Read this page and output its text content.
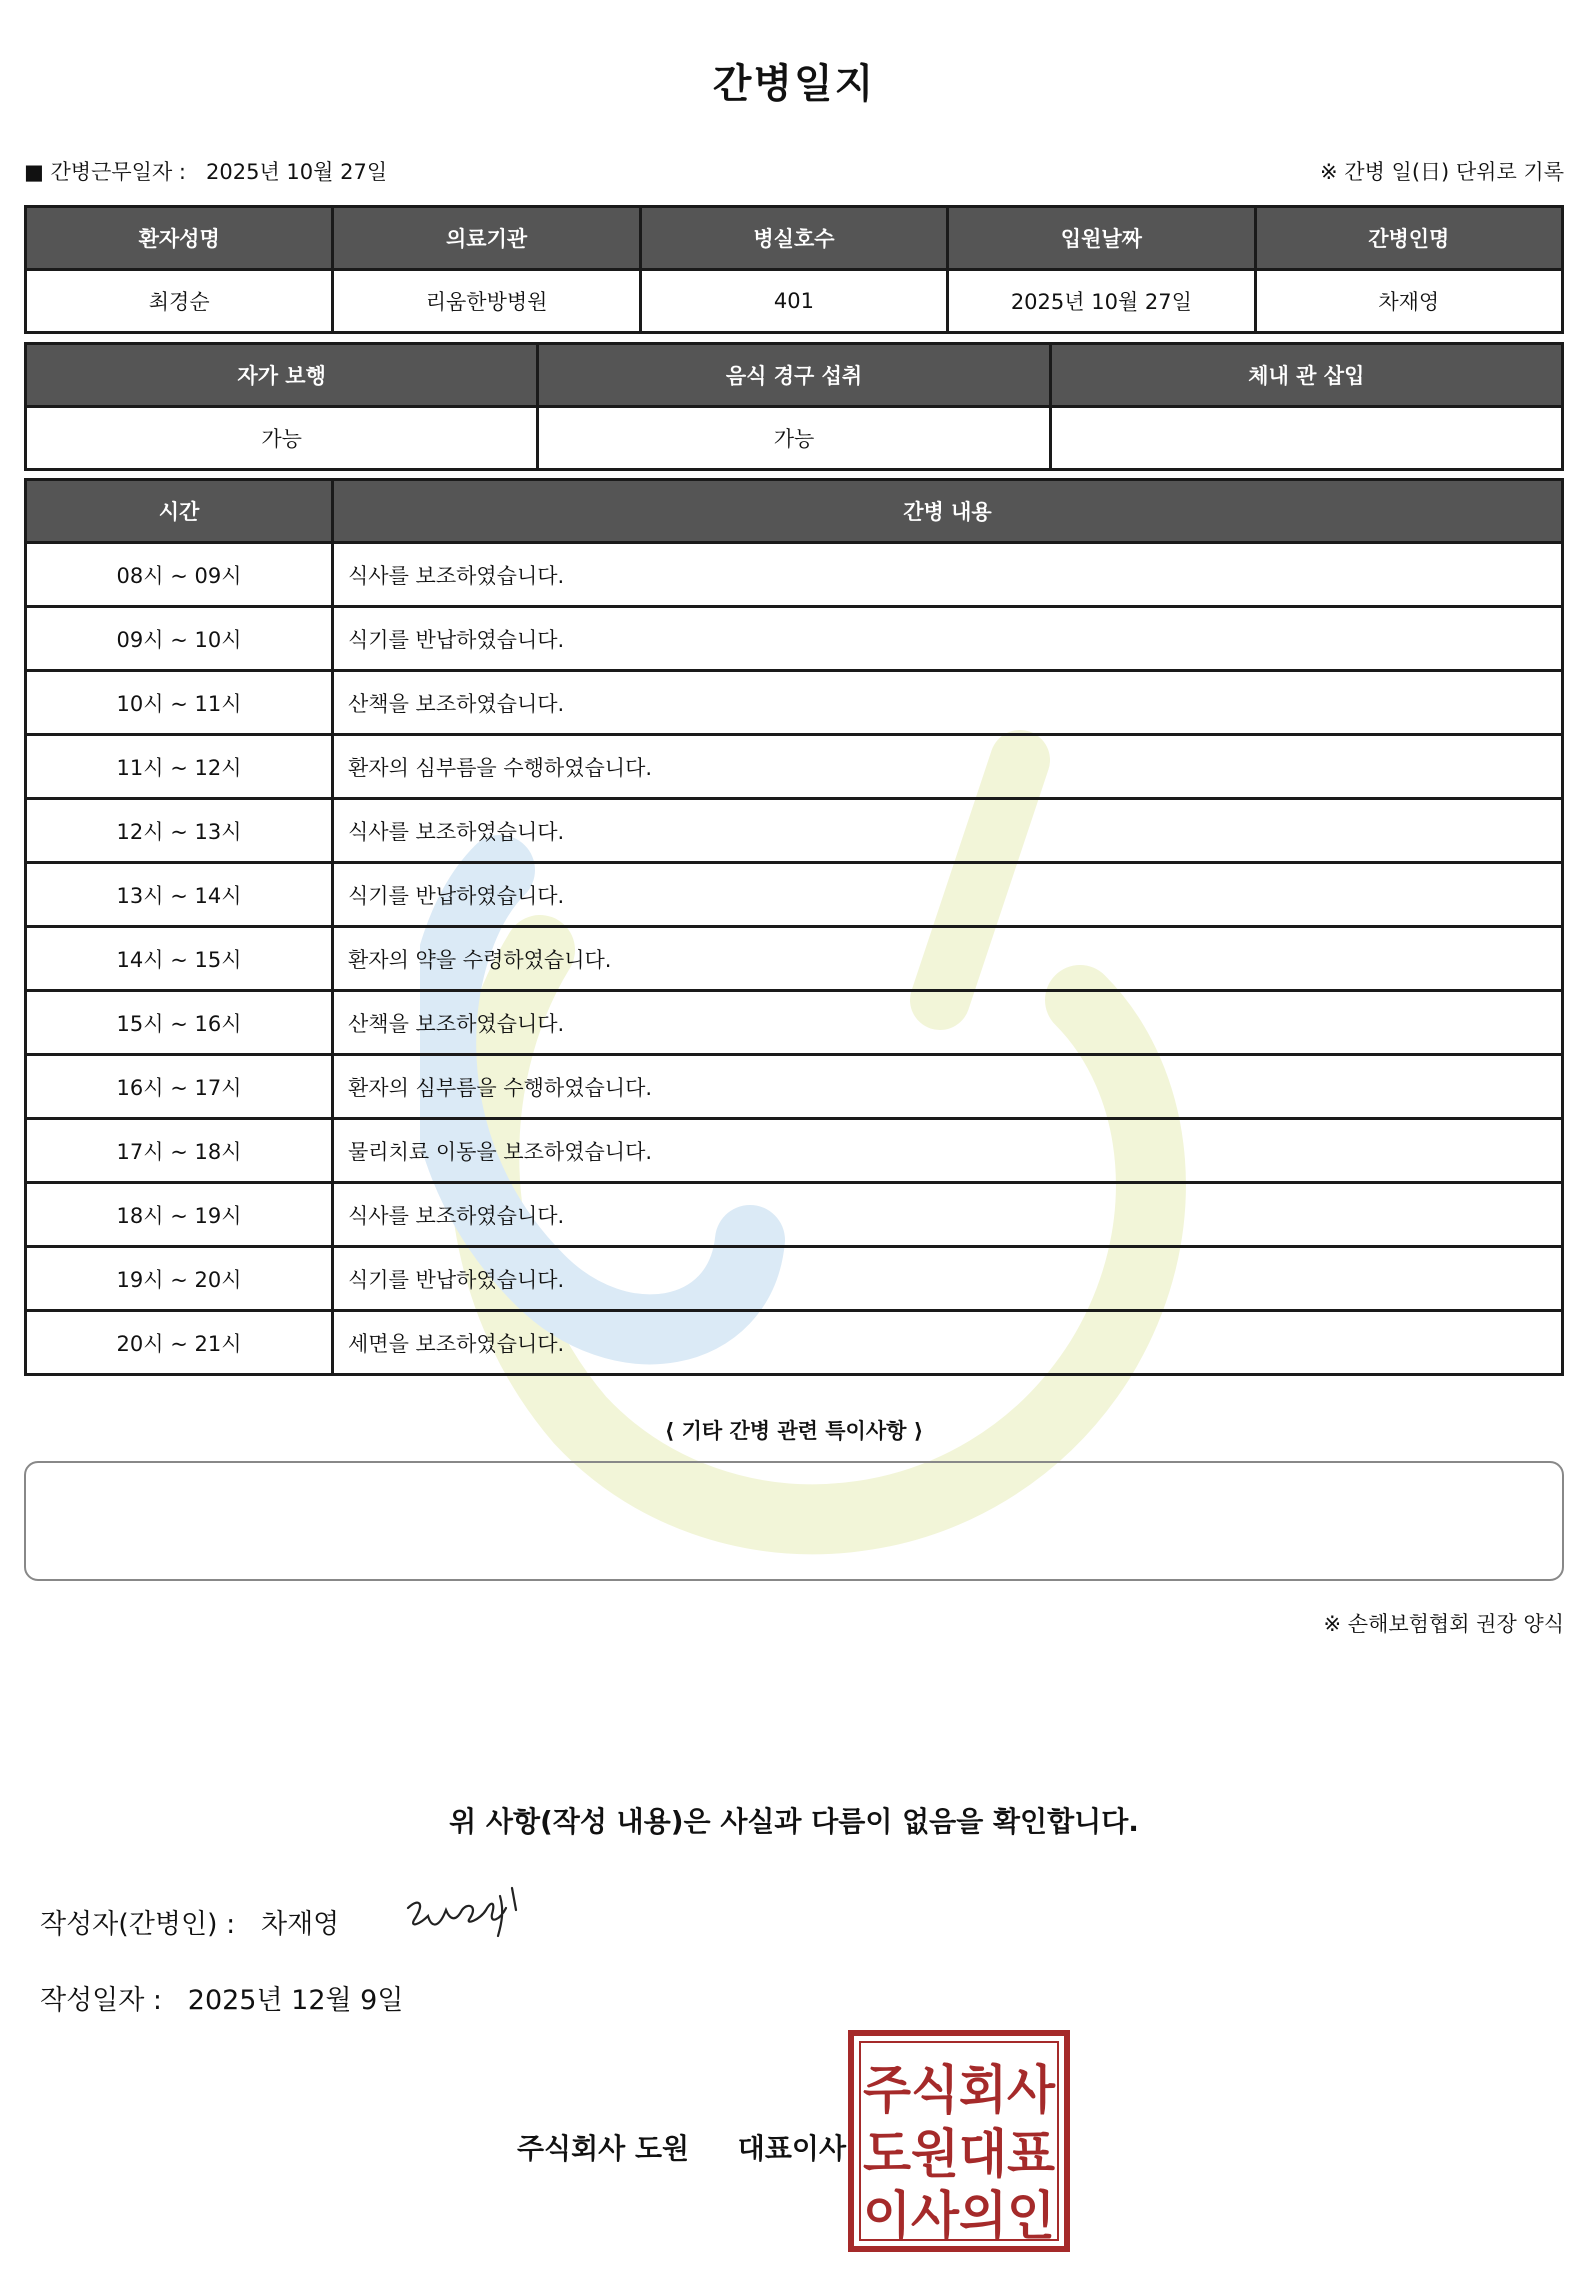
간병일지
■ 간병근무일자 : 2025년 10월 27일	※ 간병 일(日) 단위로 기록
환자성명	의료기관	병실호수	입원날짜	간병인명
최경순	리움한방병원	401	2025년 10월 27일	차재영
자가 보행	음식 경구 섭취	체내 관 삽입
가능	가능	
시간	간병 내용
08시 ~ 09시	식사를 보조하였습니다.
09시 ~ 10시	식기를 반납하였습니다.
10시 ~ 11시	산책을 보조하였습니다.
11시 ~ 12시	환자의 심부름을 수행하였습니다.
12시 ~ 13시	식사를 보조하였습니다.
13시 ~ 14시	식기를 반납하였습니다.
14시 ~ 15시	환자의 약을 수령하였습니다.
15시 ~ 16시	산책을 보조하였습니다.
16시 ~ 17시	환자의 심부름을 수행하였습니다.
17시 ~ 18시	물리치료 이동을 보조하였습니다.
18시 ~ 19시	식사를 보조하였습니다.
19시 ~ 20시	식기를 반납하였습니다.
20시 ~ 21시	세면을 보조하였습니다.
⟨ 기타 간병 관련 특이사항 ⟩
※ 손해보험협회 권장 양식
위 사항(작성 내용)은 사실과 다름이 없음을 확인합니다.
작성자(간병인) : 차재영
작성일자 : 2025년 12월 9일
주식회사 도원 대표이사
주식회사
도원대표
이사의인
